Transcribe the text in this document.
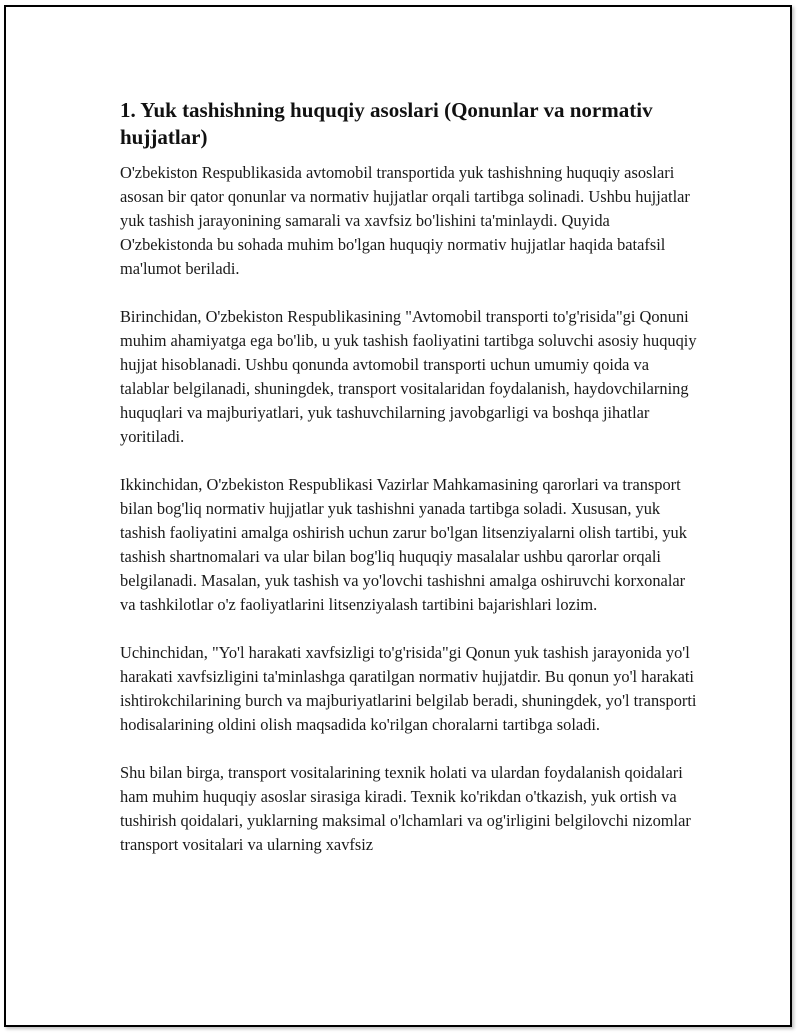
1. Yuk tashishning huquqiy asoslari (Qonunlar va normativ hujjatlar)

O'zbekiston Respublikasida avtomobil transportida yuk tashishning huquqiy asoslari asosan bir qator qonunlar va normativ hujjatlar orqali tartibga solinadi. Ushbu hujjatlar yuk tashish jarayonining samarali va xavfsiz bo'lishini ta'minlaydi. Quyida O'zbekistonda bu sohada muhim bo'lgan huquqiy normativ hujjatlar haqida batafsil ma'lumot beriladi.

Birinchidan, O'zbekiston Respublikasining "Avtomobil transporti to'g'risida"gi Qonuni muhim ahamiyatga ega bo'lib, u yuk tashish faoliyatini tartibga soluvchi asosiy huquqiy hujjat hisoblanadi. Ushbu qonunda avtomobil transporti uchun umumiy qoida va talablar belgilanadi, shuningdek, transport vositalaridan foydalanish, haydovchilarning huquqlari va majburiyatlari, yuk tashuvchilarning javobgarligi va boshqa jihatlar yoritiladi.

Ikkinchidan, O'zbekiston Respublikasi Vazirlar Mahkamasining qarorlari va transport bilan bog'liq normativ hujjatlar yuk tashishni yanada tartibga soladi. Xususan, yuk tashish faoliyatini amalga oshirish uchun zarur bo'lgan litsenziyalarni olish tartibi, yuk tashish shartnomalari va ular bilan bog'liq huquqiy masalalar ushbu qarorlar orqali belgilanadi. Masalan, yuk tashish va yo'lovchi tashishni amalga oshiruvchi korxonalar va tashkilotlar o'z faoliyatlarini litsenziyalash tartibini bajarishlari lozim.

Uchinchidan, "Yo'l harakati xavfsizligi to'g'risida"gi Qonun yuk tashish jarayonida yo'l harakati xavfsizligini ta'minlashga qaratilgan normativ hujjatdir. Bu qonun yo'l harakati ishtirokchilarining burch va majburiyatlarini belgilab beradi, shuningdek, yo'l transporti hodisalarining oldini olish maqsadida ko'rilgan choralarni tartibga soladi.

Shu bilan birga, transport vositalarining texnik holati va ulardan foydalanish qoidalari ham muhim huquqiy asoslar sirasiga kiradi. Texnik ko'rikdan o'tkazish, yuk ortish va tushirish qoidalari, yuklarning maksimal o'lchamlari va og'irligini belgilovchi nizomlar transport vositalari va ularning xavfsiz
